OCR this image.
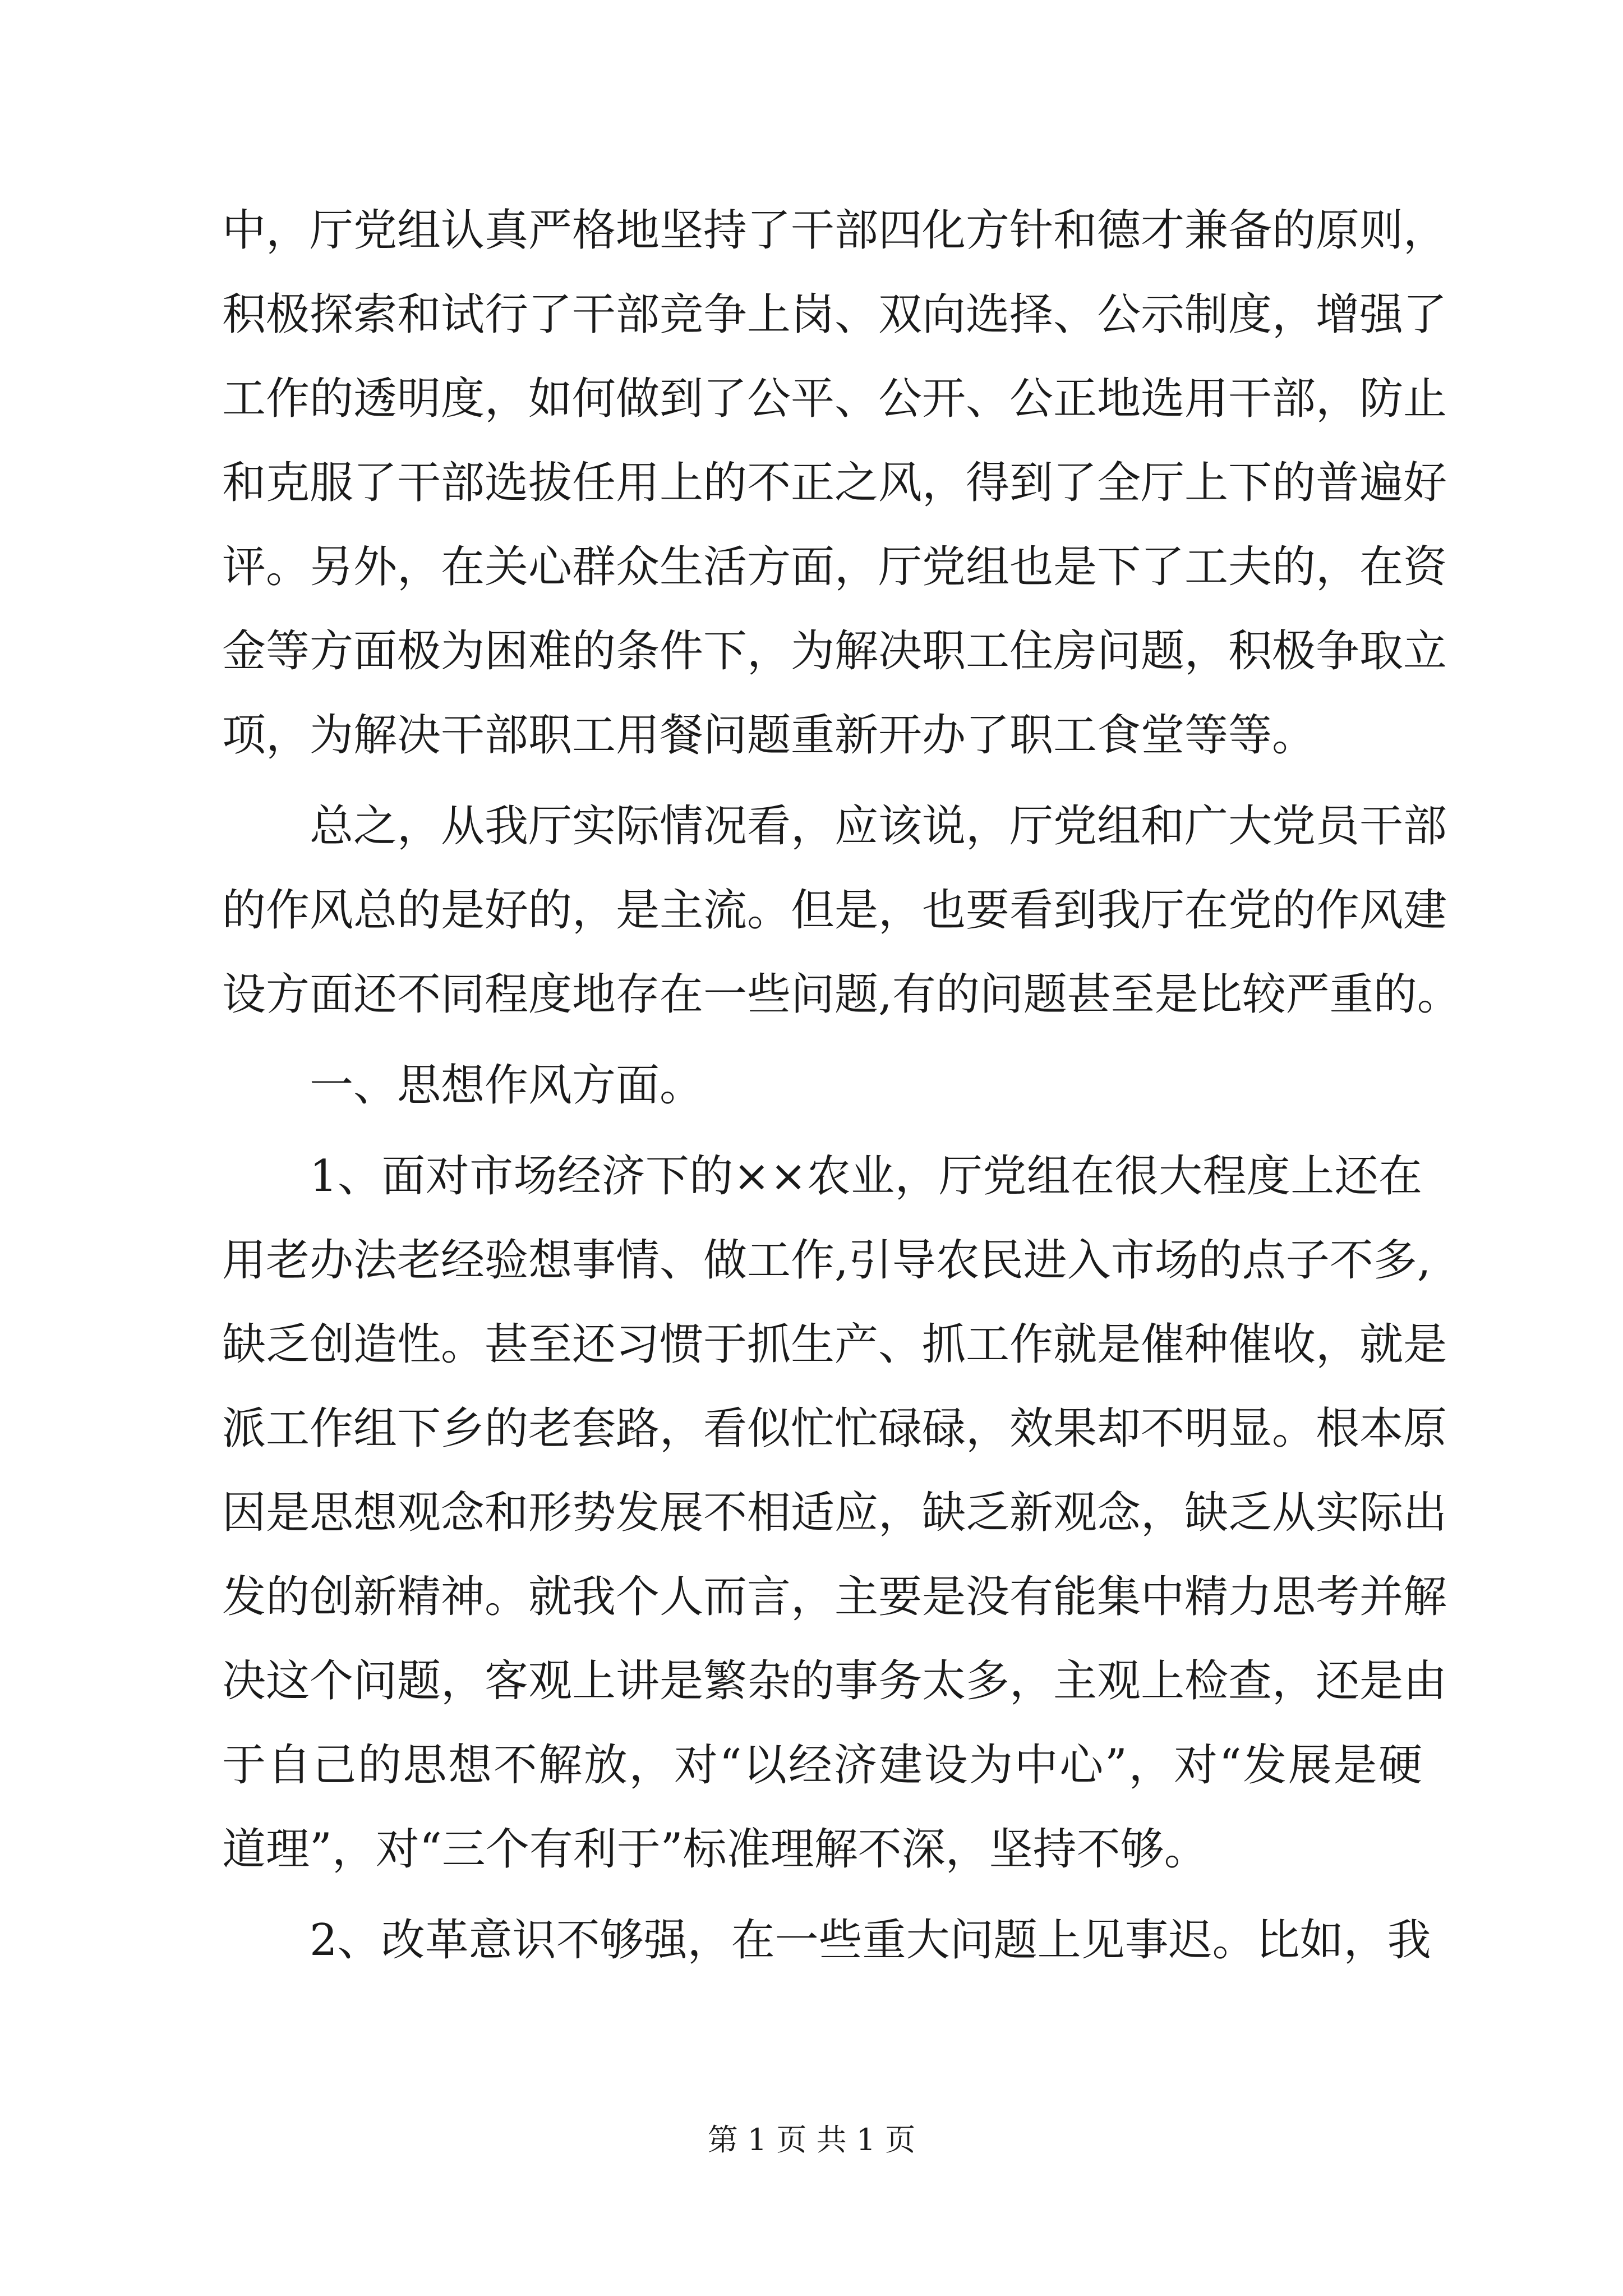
中，厅党组认真严格地坚持了干部四化方针和德才兼备的原则，
积极探索和试行了干部竞争上岗、双向选择、公示制度，增强了
工作的透明度，如何做到了公平、公开、公正地选用干部，防止
和克服了干部选拔任用上的不正之风，得到了全厅上下的普遍好
评。另外，在关心群众生活方面，厅党组也是下了工夫的，在资
金等方面极为困难的条件下，为解决职工住房问题，积极争取立
项，为解决干部职工用餐问题重新开办了职工食堂等等。
总之，从我厅实际情况看，应该说，厅党组和广大党员干部
的作风总的是好的，是主流。但是，也要看到我厅在党的作风建
设方面还不同程度地存在一些问题,有的问题甚至是比较严重的。
一、思想作风方面。
1、面对市场经济下的××农业，厅党组在很大程度上还在
用老办法老经验想事情、做工作,引导农民进入市场的点子不多,
缺乏创造性。甚至还习惯于抓生产、抓工作就是催种催收，就是
派工作组下乡的老套路，看似忙忙碌碌，效果却不明显。根本原
因是思想观念和形势发展不相适应，缺乏新观念，缺乏从实际出
发的创新精神。就我个人而言，主要是没有能集中精力思考并解
决这个问题，客观上讲是繁杂的事务太多，主观上检查，还是由
于自己的思想不解放，对“以经济建设为中心”，对“发展是硬
道理”，对“三个有利于”标准理解不深，坚持不够。
2、改革意识不够强，在一些重大问题上见事迟。比如，我
第 1 页 共 1 页
